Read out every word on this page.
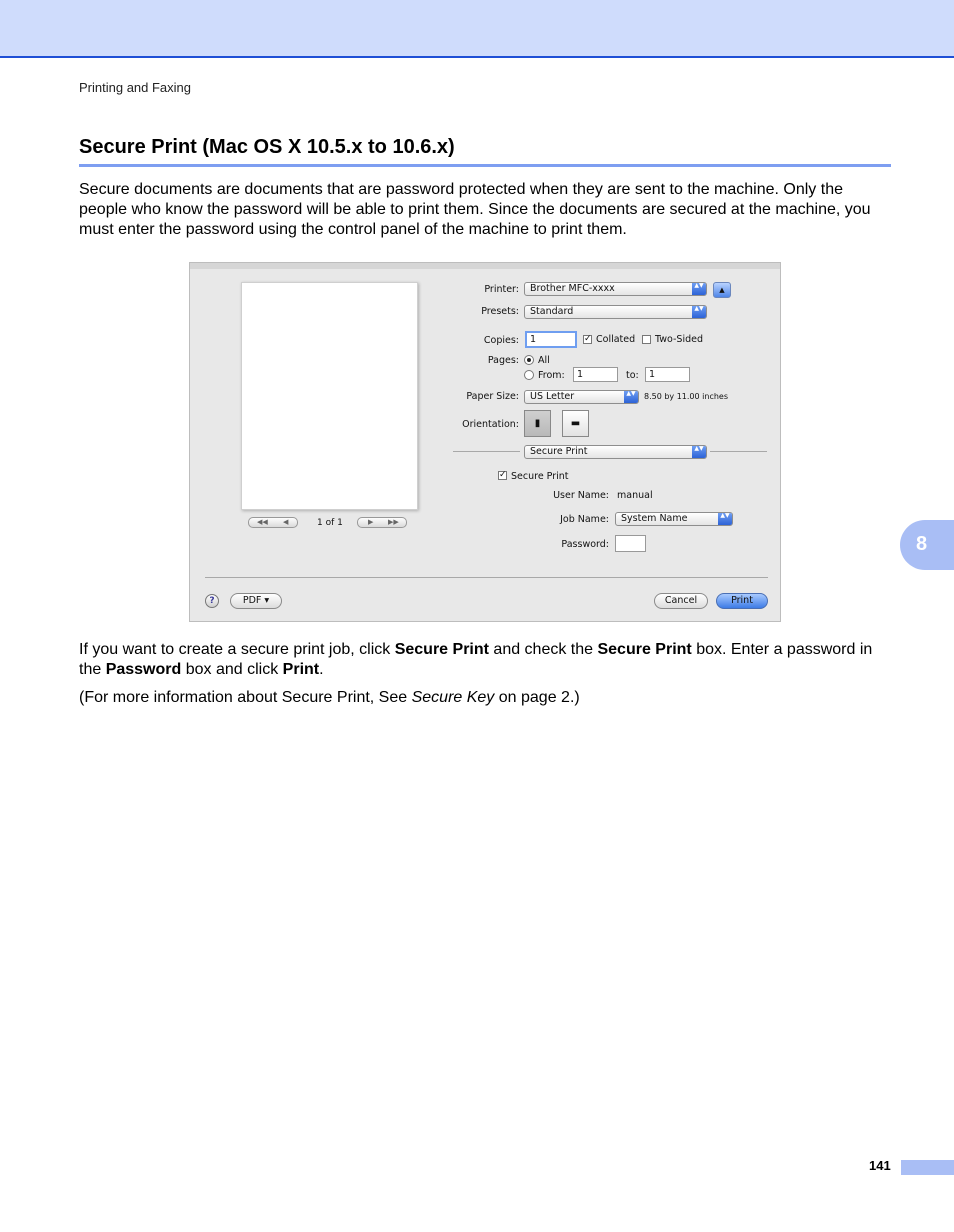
Printing and Faxing
Secure Print (Mac OS X 10.5.x to 10.6.x)
Secure documents are documents that are password protected when they are sent to the machine. Only the people who know the password will be able to print them. Since the documents are secured at the machine, you must enter the password using the control panel of the machine to print them.
◀◀ ◀	1 of 1	▶ ▶▶
Printer:	Brother MFC-xxxx	▲▼
▲
Presets:	Standard	▲▼
Copies:	1	✓ Collated Two-Sided
Pages: All
From:	1	to:	1
Paper Size:	US Letter	▲▼ 8.50 by 11.00 inches
Orientation:	▮	▬
Secure Print	▲▼
✓ Secure Print
User Name: manual
Job Name:	System Name	▲▼
Password:
?	PDF ▾	Cancel	Print
If you want to create a secure print job, click Secure Print and check the Secure Print box. Enter a password in the Password box and click Print.
(For more information about Secure Print, See Secure Key on page 2.)
8
141
